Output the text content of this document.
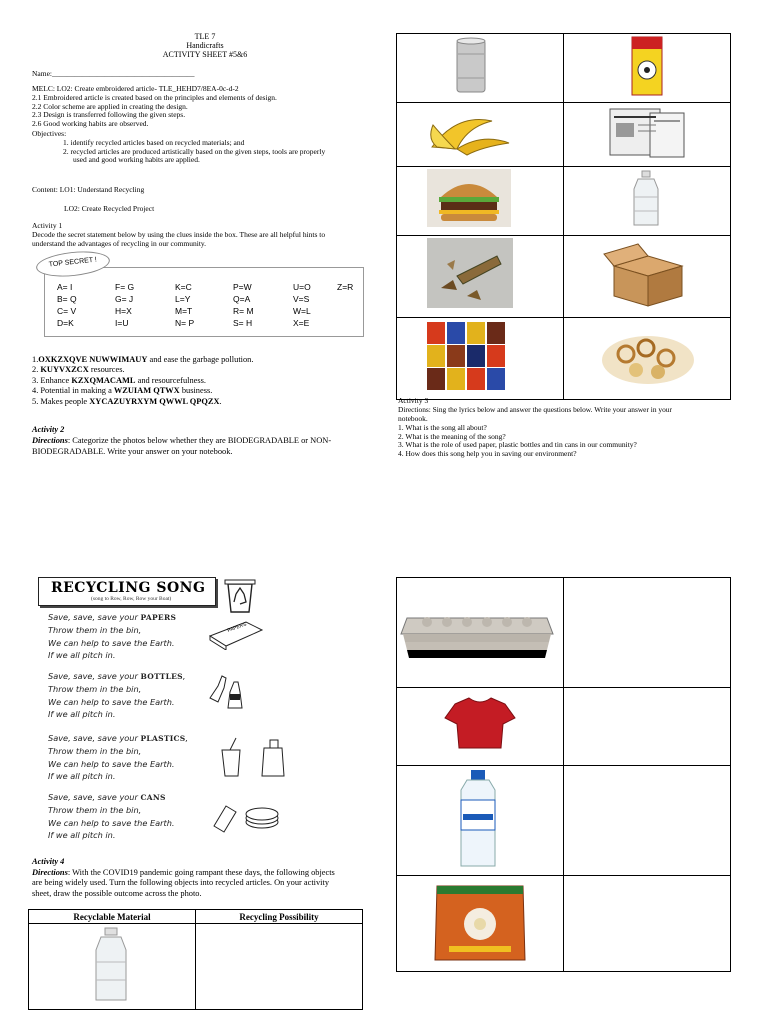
TLE 7
Handicrafts
ACTIVITY SHEET #5&6
Name:______________________________________
MELC: LO2: Create embroidered article- TLE_HEHD7/8EA-0c-d-2
2.1 Embroidered article is created based on the principles and elements of design.
2.2 Color scheme are applied in creating the design.
2.3 Design is transferred following the given steps.
2.6 Good working habits are observed.
Objectives:
1. identify recycled articles based on recycled materials; and
2. recycled articles are produced artistically based on the given steps, tools are properly
used and good working habits are applied.
Content: LO1: Understand Recycling
LO2: Create Recycled Project
Activity 1
Decode the secret statement below by using the clues inside the box. These are all helpful hints to
understand the advantages of recycling in our community.
A= I	F= G	K=C	P=W	U=O	Z=R
B= Q	G= J	L=Y	Q=A	V=S
C= V	H=X	M=T	R= M	W=L
D=K	I=U	N= P	S= H	X=E
TOP SECRET !
1.OXKZXQVE NUWWIMAUY and ease the garbage pollution.
2. KUYVXZCX resources.
3. Enhance KZXQMACAML and resourcefulness.
4. Potential in making a WZUIAM QTWX business.
5. Makes people XYCAZUYRXYM QWWL QPQZX.
Activity 2
Directions: Categorize the photos below whether they are BIODEGRADABLE or NON-
BIODEGRADABLE. Write your answer on your notebook.

Activity 3
Directions: Sing the lyrics below and answer the questions below. Write your answer in your
notebook.
1. What is the song all about?
2. What is the meaning of the song?
3. What is the role of used paper, plastic bottles and tin cans in our community?
4. How does this song help you in saving our environment?
RECYCLING SONG
(song to Row, Row, Row your Boat)
Save, save, save your PAPERS
Throw them in the bin,
We can help to save the Earth.
If we all pitch in.
Save, save, save your BOTTLES,
Throw them in the bin,
We can help to save the Earth.
If we all pitch in.
Save, save, save your PLASTICS,
Throw them in the bin,
We can help to save the Earth.
If we all pitch in.
Save, save, save your CANS
Throw them in the bin,
We can help to save the Earth.
If we all pitch in.
PAPERS
Activity 4
Directions: With the COVID19 pandemic going rampant these days, the following objects
are being widely used. Turn the following objects into recycled articles. On your activity
sheet, draw the possible outcome across the photo.
Recyclable Material	Recycling Possibility
